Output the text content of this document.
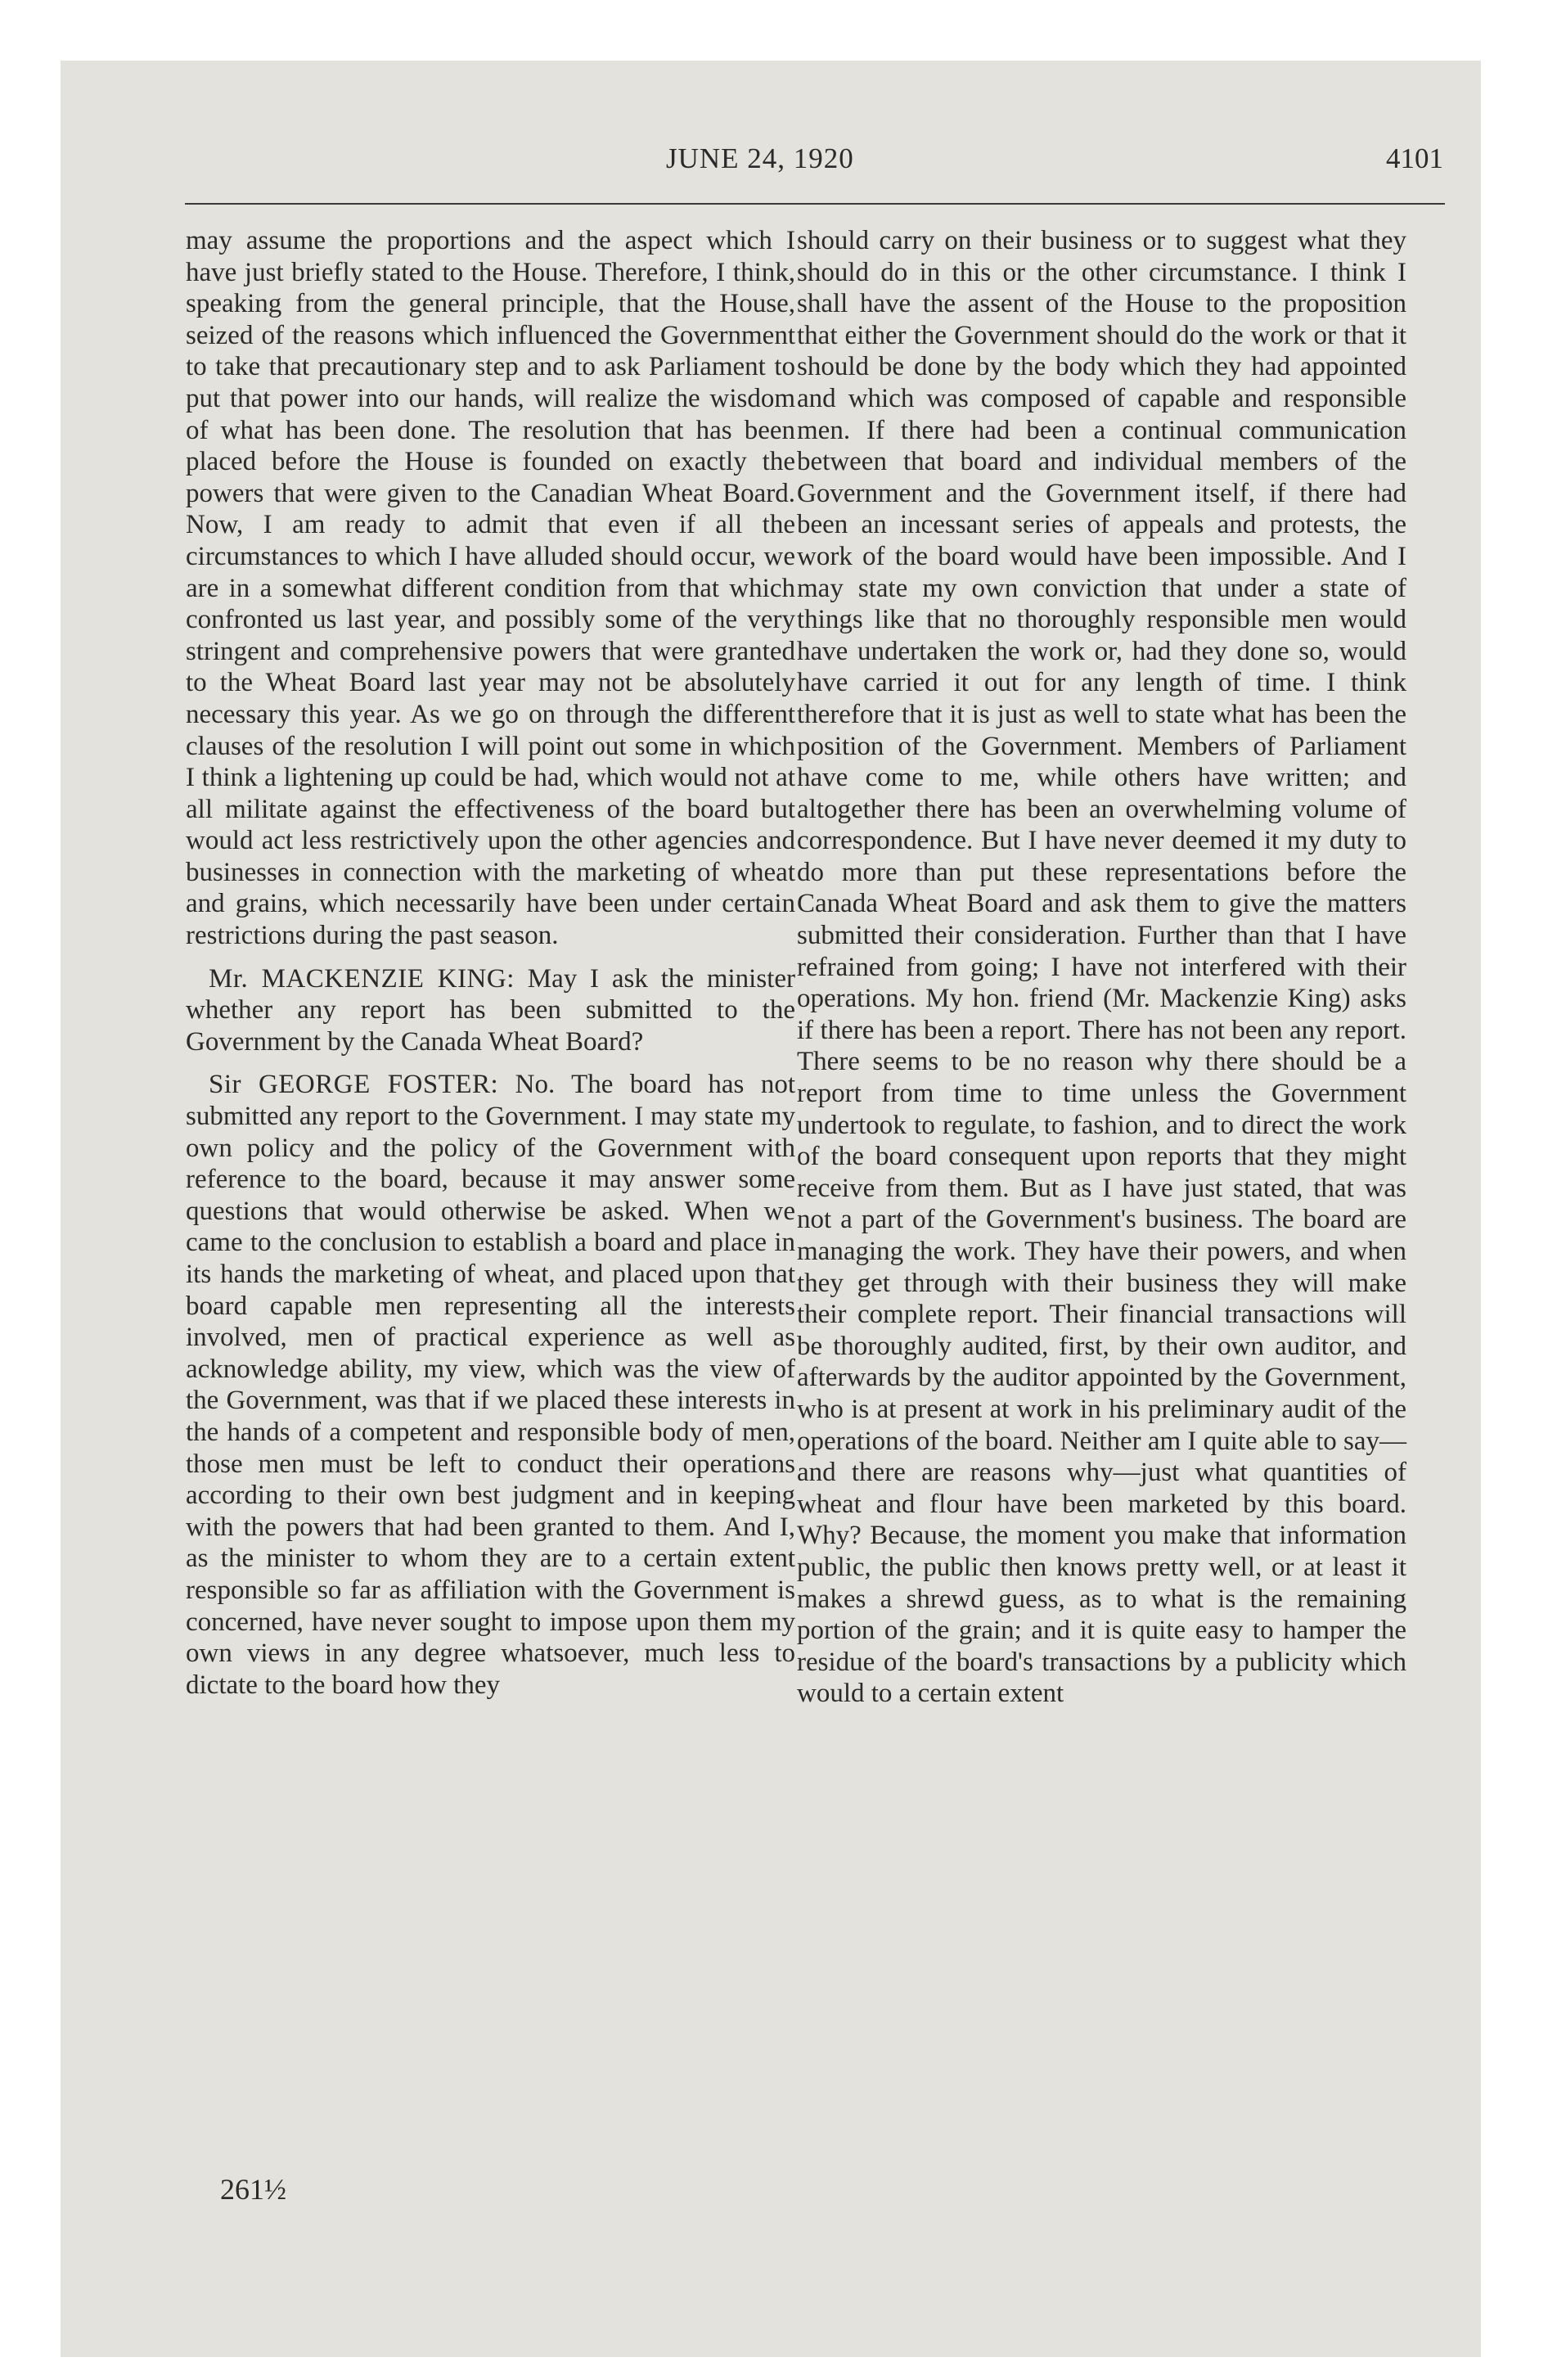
JUNE 24, 1920	4101

may assume the proportions and the aspect which I have just briefly stated to the House. Therefore, I think, speaking from the general principle, that the House, seized of the reasons which influenced the Government to take that precautionary step and to ask Parliament to put that power into our hands, will realize the wisdom of what has been done. The resolution that has been placed before the House is founded on exactly the powers that were given to the Canadian Wheat Board. Now, I am ready to admit that even if all the circumstances to which I have alluded should occur, we are in a somewhat different condition from that which confronted us last year, and possibly some of the very stringent and comprehensive powers that were granted to the Wheat Board last year may not be absolutely necessary this year. As we go on through the different clauses of the resolution I will point out some in which I think a lightening up could be had, which would not at all militate against the effectiveness of the board but would act less restrictively upon the other agencies and businesses in connection with the marketing of wheat and grains, which necessarily have been under certain restrictions during the past season.

Mr. MACKENZIE KING: May I ask the minister whether any report has been submitted to the Government by the Canada Wheat Board?

Sir GEORGE FOSTER: No. The board has not submitted any report to the Government. I may state my own policy and the policy of the Government with reference to the board, because it may answer some questions that would otherwise be asked. When we came to the conclusion to establish a board and place in its hands the marketing of wheat, and placed upon that board capable men representing all the interests involved, men of practical experience as well as acknowledge ability, my view, which was the view of the Government, was that if we placed these interests in the hands of a competent and responsible body of men, those men must be left to conduct their operations according to their own best judgment and in keeping with the powers that had been granted to them. And I, as the minister to whom they are to a certain extent responsible so far as affiliation with the Government is concerned, have never sought to impose upon them my own views in any degree whatsoever, much less to dictate to the board how they

should carry on their business or to suggest what they should do in this or the other circumstance. I think I shall have the assent of the House to the proposition that either the Government should do the work or that it should be done by the body which they had appointed and which was composed of capable and responsible men. If there had been a continual communication between that board and individual members of the Government and the Government itself, if there had been an incessant series of appeals and protests, the work of the board would have been impossible. And I may state my own conviction that under a state of things like that no thoroughly responsible men would have undertaken the work or, had they done so, would have carried it out for any length of time. I think therefore that it is just as well to state what has been the position of the Government. Members of Parliament have come to me, while others have written; and altogether there has been an overwhelming volume of correspondence. But I have never deemed it my duty to do more than put these representations before the Canada Wheat Board and ask them to give the matters submitted their consideration. Further than that I have refrained from going; I have not interfered with their operations. My hon. friend (Mr. Mackenzie King) asks if there has been a report. There has not been any report. There seems to be no reason why there should be a report from time to time unless the Government undertook to regulate, to fashion, and to direct the work of the board consequent upon reports that they might receive from them. But as I have just stated, that was not a part of the Government's business. The board are managing the work. They have their powers, and when they get through with their business they will make their complete report. Their financial transactions will be thoroughly audited, first, by their own auditor, and afterwards by the auditor appointed by the Government, who is at present at work in his preliminary audit of the operations of the board. Neither am I quite able to say—and there are reasons why—just what quantities of wheat and flour have been marketed by this board. Why? Because, the moment you make that information public, the public then knows pretty well, or at least it makes a shrewd guess, as to what is the remaining portion of the grain; and it is quite easy to hamper the residue of the board's transactions by a publicity which would to a certain extent

261½
